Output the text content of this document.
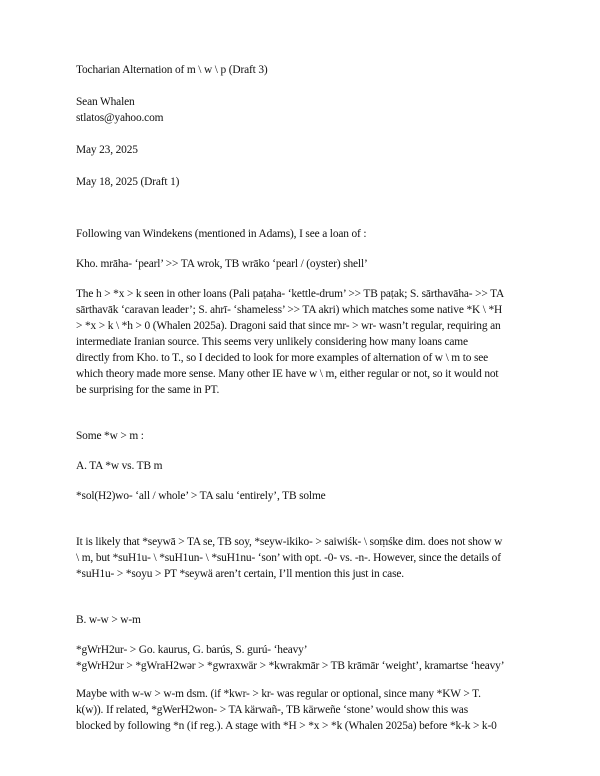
Tocharian Alternation of m \ w \ p (Draft 3)

Sean Whalen

stlatos@yahoo.com

May 23, 2025

May 18, 2025 (Draft 1)

Following van Windekens (mentioned in Adams), I see a loan of :

Kho. mrāha- ‘pearl’ >> TA wrok, TB wrāko ‘pearl / (oyster) shell’

The h > *x > k seen in other loans (Pali paṭaha- ‘kettle-drum’ >> TB paṭak; S. sārthavāha- >> TA
sārthavāk ‘caravan leader’; S. ahrī- ‘shameless’ >> TA akri) which matches some native *K \ *H
> *x > k \ *h > 0 (Whalen 2025a). Dragoni said that since mr- > wr- wasn’t regular, requiring an
intermediate Iranian source. This seems very unlikely considering how many loans came
directly from Kho. to T., so I decided to look for more examples of alternation of w \ m to see
which theory made more sense. Many other IE have w \ m, either regular or not, so it would not
be surprising for the same in PT.

Some *w > m :

A. TA *w vs. TB m

*sol(H2)wo- ‘all / whole’ > TA salu ‘entirely’, TB solme

It is likely that *seywā > TA se, TB soy, *seyw-ikiko- > saiwiśk- \ soṃśke dim. does not show w
\ m, but *suH1u- \ *suH1un- \ *suH1nu- ‘son’ with opt. -0- vs. -n-. However, since the details of
*suH1u- > *soyu > PT *seywä aren’t certain, I’ll mention this just in case.

B. w-w > w-m

*gWrH2ur- > Go. kaurus, G. barús, S. gurú- ‘heavy’

*gWrH2ur > *gWraH2wər > *gwraxwär > *kwrakmār > TB krāmār ‘weight’, kramartse ‘heavy’

Maybe with w-w > w-m dsm. (if *kwr- > kr- was regular or optional, since many *KW > T.
k(w)). If related, *gWerH2won- > TA kärwañ-, TB kärweñe ‘stone’ would show this was
blocked by following *n (if reg.). A stage with *H > *x > *k (Whalen 2025a) before *k-k > k-0
